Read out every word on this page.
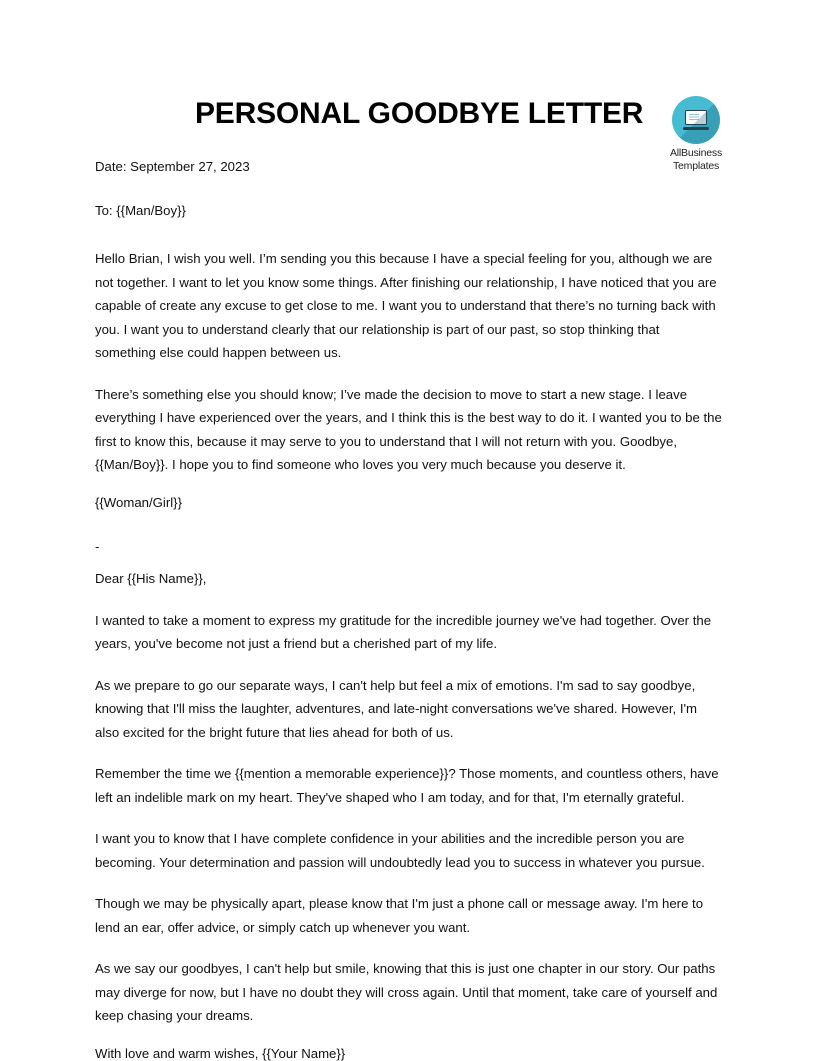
PERSONAL GOODBYE LETTER
AllBusiness
Templates
Date: September 27, 2023
To: {{Man/Boy}}
Hello Brian, I wish you well. I’m sending you this because I have a special feeling for you, although we are not together. I want to let you know some things. After finishing our relationship, I have noticed that you are capable of create any excuse to get close to me. I want you to understand that there’s no turning back with you. I want you to understand clearly that our relationship is part of our past, so stop thinking that something else could happen between us.
There’s something else you should know; I’ve made the decision to move to start a new stage. I leave everything I have experienced over the years, and I think this is the best way to do it. I wanted you to be the first to know this, because it may serve to you to understand that I will not return with you. Goodbye, {{Man/Boy}}. I hope you to find someone who loves you very much because you deserve it.
{{Woman/Girl}}
-
Dear {{His Name}},
I wanted to take a moment to express my gratitude for the incredible journey we've had together. Over the years, you've become not just a friend but a cherished part of my life.
As we prepare to go our separate ways, I can't help but feel a mix of emotions. I'm sad to say goodbye, knowing that I'll miss the laughter, adventures, and late-night conversations we've shared. However, I'm also excited for the bright future that lies ahead for both of us.
Remember the time we {{mention a memorable experience}}? Those moments, and countless others, have left an indelible mark on my heart. They've shaped who I am today, and for that, I'm eternally grateful.
I want you to know that I have complete confidence in your abilities and the incredible person you are becoming. Your determination and passion will undoubtedly lead you to success in whatever you pursue.
Though we may be physically apart, please know that I'm just a phone call or message away. I'm here to lend an ear, offer advice, or simply catch up whenever you want.
As we say our goodbyes, I can't help but smile, knowing that this is just one chapter in our story. Our paths may diverge for now, but I have no doubt they will cross again. Until that moment, take care of yourself and keep chasing your dreams.
With love and warm wishes, {{Your Name}}
